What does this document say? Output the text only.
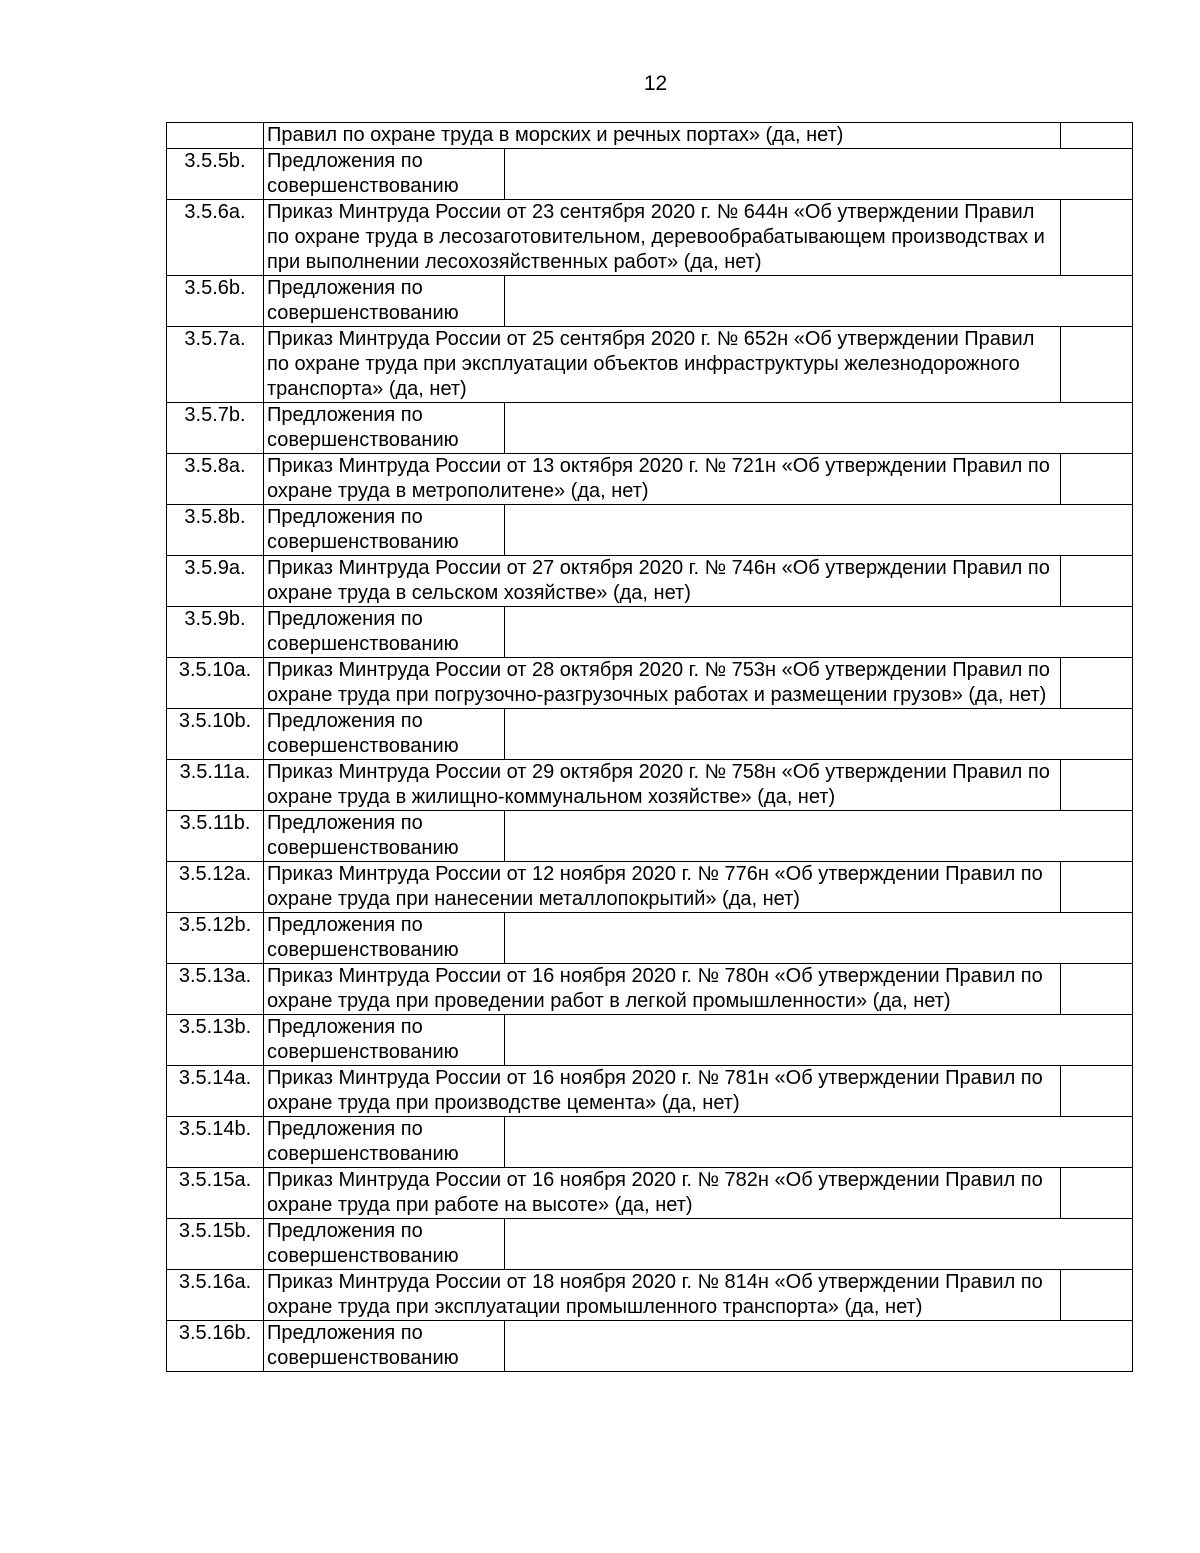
12
	Правил по охране труда в морских и речных портах» (да, нет)		
3.5.5b.	Предложения по совершенствованию		
3.5.6a.	Приказ Минтруда России от 23 сентября 2020 г. № 644н «Об утверждении Правил по охране труда в лесозаготовительном, деревообрабатывающем производствах и при выполнении лесохозяйственных работ» (да, нет)		
3.5.6b.	Предложения по совершенствованию		
3.5.7a.	Приказ Минтруда России от 25 сентября 2020 г. № 652н «Об утверждении Правил по охране труда при эксплуатации объектов инфраструктуры железнодорожного транспорта» (да, нет)		
3.5.7b.	Предложения по совершенствованию		
3.5.8a.	Приказ Минтруда России от 13 октября 2020 г. № 721н «Об утверждении Правил по охране труда в метрополитене» (да, нет)		
3.5.8b.	Предложения по совершенствованию		
3.5.9a.	Приказ Минтруда России от 27 октября 2020 г. № 746н «Об утверждении Правил по охране труда в сельском хозяйстве» (да, нет)		
3.5.9b.	Предложения по совершенствованию		
3.5.10a.	Приказ Минтруда России от 28 октября 2020 г. № 753н «Об утверждении Правил по охране труда при погрузочно-разгрузочных работах и размещении грузов» (да, нет)		
3.5.10b.	Предложения по совершенствованию		
3.5.11a.	Приказ Минтруда России от 29 октября 2020 г. № 758н «Об утверждении Правил по охране труда в жилищно-коммунальном хозяйстве» (да, нет)		
3.5.11b.	Предложения по совершенствованию		
3.5.12a.	Приказ Минтруда России от 12 ноября 2020 г. № 776н «Об утверждении Правил по охране труда при нанесении металлопокрытий» (да, нет)		
3.5.12b.	Предложения по совершенствованию		
3.5.13a.	Приказ Минтруда России от 16 ноября 2020 г. № 780н «Об утверждении Правил по охране труда при проведении работ в легкой промышленности» (да, нет)		
3.5.13b.	Предложения по совершенствованию		
3.5.14a.	Приказ Минтруда России от 16 ноября 2020 г. № 781н «Об утверждении Правил по охране труда при производстве цемента» (да, нет)		
3.5.14b.	Предложения по совершенствованию		
3.5.15a.	Приказ Минтруда России от 16 ноября 2020 г. № 782н «Об утверждении Правил по охране труда при работе на высоте» (да, нет)		
3.5.15b.	Предложения по совершенствованию		
3.5.16a.	Приказ Минтруда России от 18 ноября 2020 г. № 814н «Об утверждении Правил по охране труда при эксплуатации промышленного транспорта» (да, нет)		
3.5.16b.	Предложения по совершенствованию		
